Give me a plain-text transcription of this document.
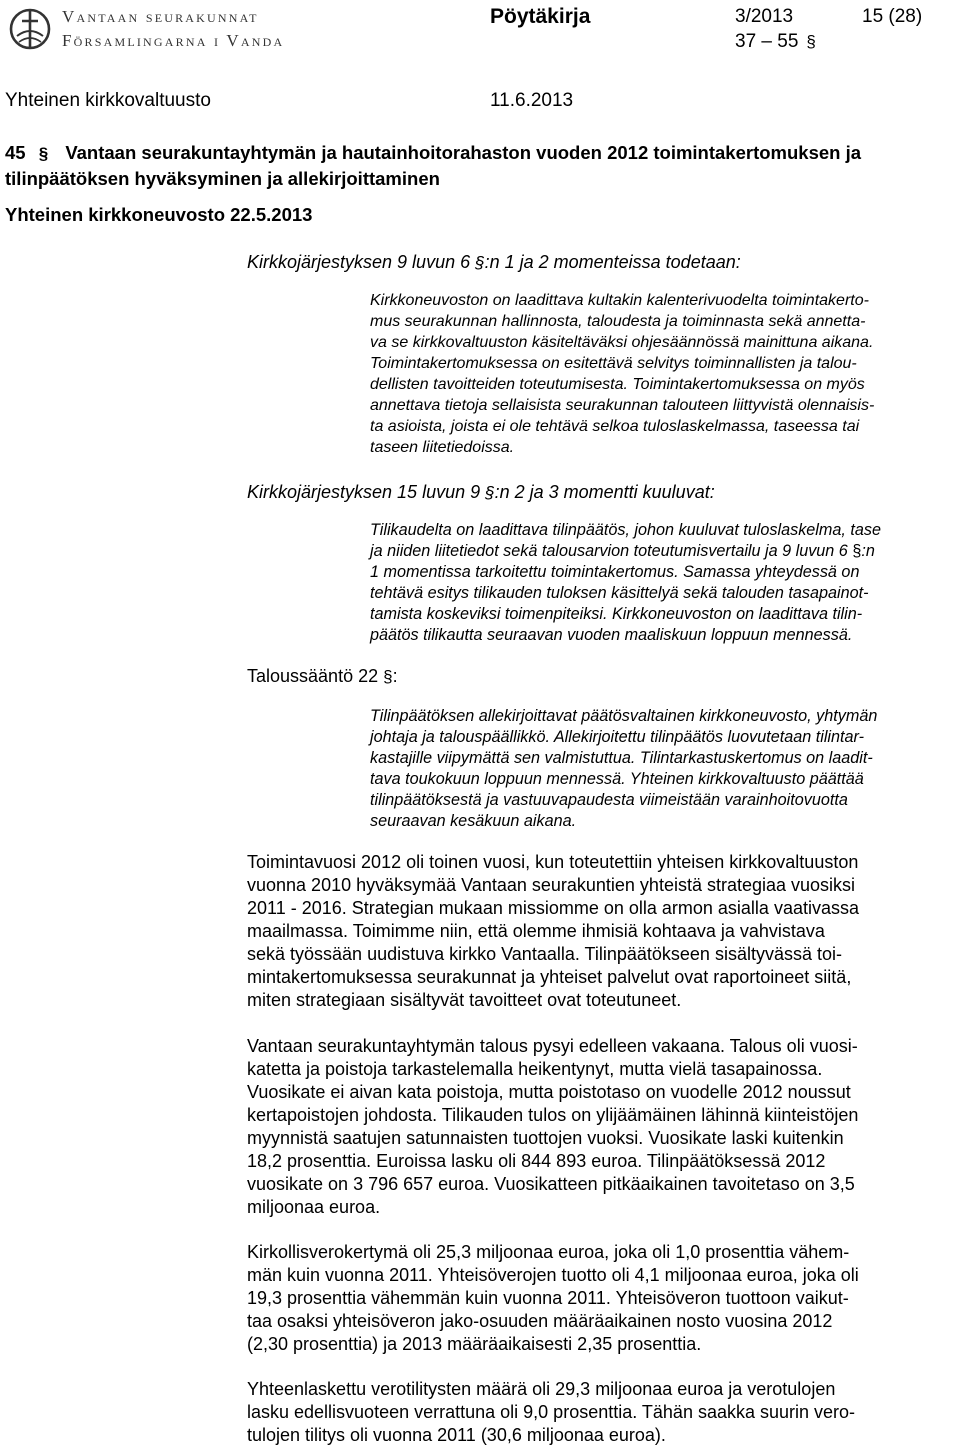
Vantaan seurakunnat
Församlingarna i Vanda
Pöytäkirja	3/2013	15 (28)
37 – 55 §
Yhteinen kirkkovaltuusto	11.6.2013
45 § Vantaan seurakuntayhtymän ja hautainhoitorahaston vuoden 2012 toimintakertomuksen ja tilinpäätöksen hyväksyminen ja allekirjoittaminen
Yhteinen kirkkoneuvosto 22.5.2013
Kirkkojärjestyksen 9 luvun 6 §:n 1 ja 2 momenteissa todetaan:
Kirkkoneuvoston on laadittava kultakin kalenterivuodelta toimintakerto-
mus seurakunnan hallinnosta, taloudesta ja toiminnasta sekä annetta-
va se kirkkovaltuuston käsiteltäväksi ohjesäännössä mainittuna aikana.
Toimintakertomuksessa on esitettävä selvitys toiminnallisten ja talou-
dellisten tavoitteiden toteutumisesta. Toimintakertomuksessa on myös
annettava tietoja sellaisista seurakunnan talouteen liittyvistä olennaisis-
ta asioista, joista ei ole tehtävä selkoa tuloslaskelmassa, taseessa tai
taseen liitetiedoissa.
Kirkkojärjestyksen 15 luvun 9 §:n 2 ja 3 momentti kuuluvat:
Tilikaudelta on laadittava tilinpäätös, johon kuuluvat tuloslaskelma, tase
ja niiden liitetiedot sekä talousarvion toteutumisvertailu ja 9 luvun 6 §:n
1 momentissa tarkoitettu toimintakertomus. Samassa yhteydessä on
tehtävä esitys tilikauden tuloksen käsittelyä sekä talouden tasapainot-
tamista koskeviksi toimenpiteiksi. Kirkkoneuvoston on laadittava tilin-
päätös tilikautta seuraavan vuoden maaliskuun loppuun mennessä.
Taloussääntö 22 §:
Tilinpäätöksen allekirjoittavat päätösvaltainen kirkkoneuvosto, yhtymän
johtaja ja talouspäällikkö. Allekirjoitettu tilinpäätös luovutetaan tilintar-
kastajille viipymättä sen valmistuttua. Tilintarkastuskertomus on laadit-
tava toukokuun loppuun mennessä. Yhteinen kirkkovaltuusto päättää
tilinpäätöksestä ja vastuuvapaudesta viimeistään varainhoitovuotta
seuraavan kesäkuun aikana.
Toimintavuosi 2012 oli toinen vuosi, kun toteutettiin yhteisen kirkkovaltuuston
vuonna 2010 hyväksymää Vantaan seurakuntien yhteistä strategiaa vuosiksi
2011 - 2016. Strategian mukaan missiomme on olla armon asialla vaativassa
maailmassa. Toimimme niin, että olemme ihmisiä kohtaava ja vahvistava
sekä työssään uudistuva kirkko Vantaalla. Tilinpäätökseen sisältyvässä toi-
mintakertomuksessa seurakunnat ja yhteiset palvelut ovat raportoineet siitä,
miten strategiaan sisältyvät tavoitteet ovat toteutuneet.
Vantaan seurakuntayhtymän talous pysyi edelleen vakaana. Talous oli vuosi-
katetta ja poistoja tarkastelemalla heikentynyt, mutta vielä tasapainossa.
Vuosikate ei aivan kata poistoja, mutta poistotaso on vuodelle 2012 noussut
kertapoistojen johdosta. Tilikauden tulos on ylijäämäinen lähinnä kiinteistöjen
myynnistä saatujen satunnaisten tuottojen vuoksi. Vuosikate laski kuitenkin
18,2 prosenttia. Euroissa lasku oli 844 893 euroa. Tilinpäätöksessä 2012
vuosikate on 3 796 657 euroa. Vuosikatteen pitkäaikainen tavoitetaso on 3,5
miljoonaa euroa.
Kirkollisverokertymä oli 25,3 miljoonaa euroa, joka oli 1,0 prosenttia vähem-
män kuin vuonna 2011. Yhteisöverojen tuotto oli 4,1 miljoonaa euroa, joka oli
19,3 prosenttia vähemmän kuin vuonna 2011. Yhteisöveron tuottoon vaikut-
taa osaksi yhteisöveron jako-osuuden määräaikainen nosto vuosina 2012
(2,30 prosenttia) ja 2013 määräaikaisesti 2,35 prosenttia.
Yhteenlaskettu verotilitysten määrä oli 29,3 miljoonaa euroa ja verotulojen
lasku edellisvuoteen verrattuna oli 9,0 prosenttia. Tähän saakka suurin vero-
tulojen tilitys oli vuonna 2011 (30,6 miljoonaa euroa).
